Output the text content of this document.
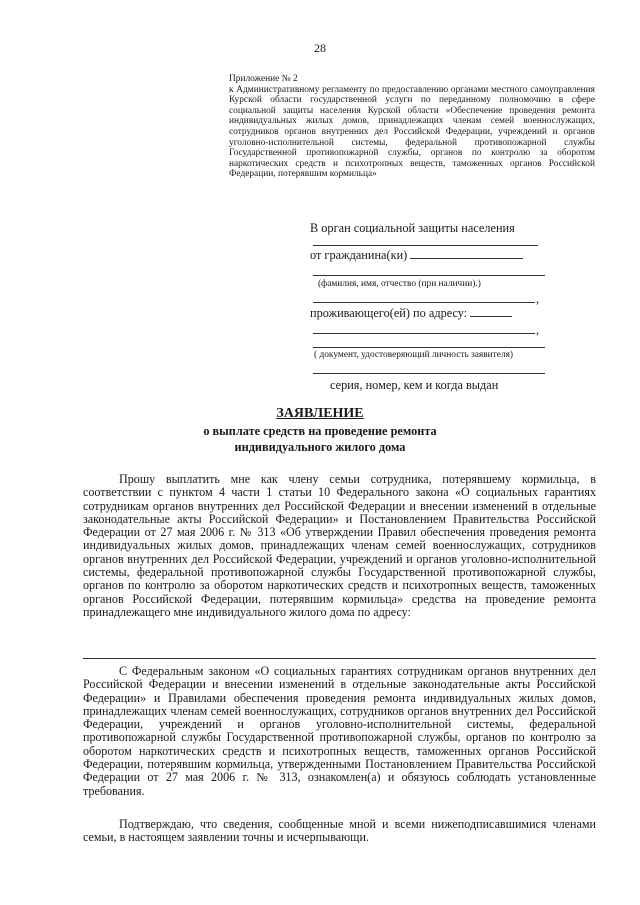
28
Приложение № 2
к Административному регламенту по предоставлению органами местного самоуправления Курской области государственной услуги по переданному полномочию в сфере социальной защиты населения Курской области «Обеспечение проведения ремонта индивидуальных жилых домов, принадлежащих членам семей военнослужащих, сотрудников органов внутренних дел Российской Федерации, учреждений и органов уголовно-исполнительной системы, федеральной противопожарной службы Государственной противопожарной службы, органов по контролю за оборотом наркотических средств и психотропных веществ, таможенных органов Российской Федерации, потерявшим кормильца»
В орган социальной защиты населения
от гражданина(ки)
(фамилия, имя, отчество (при наличии).)
,
проживающего(ей) по адресу:
,
( документ, удостоверяющий личность заявителя)
серия, номер, кем и когда выдан
ЗАЯВЛЕНИЕ
о выплате средств на проведение ремонта
индивидуального жилого дома
Прошу выплатить мне как члену семьи сотрудника, потерявшему кормильца, в соответствии с пунктом 4 части 1 статьи 10 Федерального закона «О социальных гарантиях сотрудникам органов внутренних дел Российской Федерации и внесении изменений в отдельные законодательные акты Российской Федерации» и Постановлением Правительства Российской Федерации от 27 мая 2006 г. № 313 «Об утверждении Правил обеспечения проведения ремонта индивидуальных жилых домов, принадлежащих членам семей военнослужащих, сотрудников органов внутренних дел Российской Федерации, учреждений и органов уголовно-исполнительной системы, федеральной противопожарной службы Государственной противопожарной службы, органов по контролю за оборотом наркотических средств и психотропных веществ, таможенных органов Российской Федерации, потерявшим кормильца» средства на проведение ремонта принадлежащего мне индивидуального жилого дома по адресу:
С Федеральным законом «О социальных гарантиях сотрудникам органов внутренних дел Российской Федерации и внесении изменений в отдельные законодательные акты Российской Федерации» и Правилами обеспечения проведения ремонта индивидуальных жилых домов, принадлежащих членам семей военнослужащих, сотрудников органов внутренних дел Российской Федерации, учреждений и органов уголовно-исполнительной системы, федеральной противопожарной службы Государственной противопожарной службы, органов по контролю за оборотом наркотических средств и психотропных веществ, таможенных органов Российской Федерации, потерявшим кормильца, утвержденными Постановлением Правительства Российской Федерации от 27 мая 2006 г. № 313, ознакомлен(а) и обязуюсь соблюдать установленные требования.
Подтверждаю, что сведения, сообщенные мной и всеми нижеподписавшимися членами семьи, в настоящем заявлении точны и исчерпывающи.
